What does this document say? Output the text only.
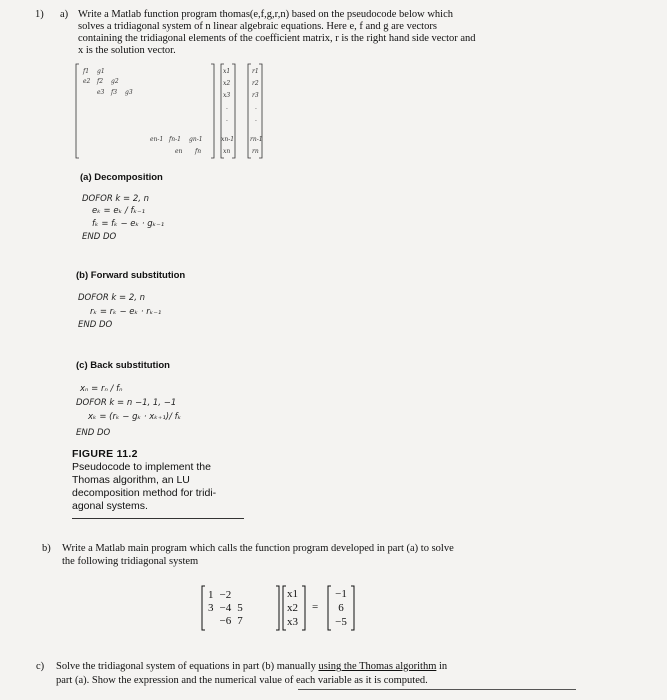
1) a) Write a Matlab function program thomas(e,f,g,r,n) based on the pseudocode below which
solves a tridiagonal system of n linear algebraic equations. Here e, f and g are vectors
containing the tridiagonal elements of the coefficient matrix, r is the right hand side vector and
x is the solution vector.
f1 g1
e2 f2 g2
e3 f3 g3
en-1 fn-1 gn-1
en fn
x1
x2
x3
.
.
xn-1
xn
r1
r2
r3
.
.
rn-1
rn
(a) Decomposition
DOFOR k = 2, n
eₖ = eₖ / fₖ₋₁
fₖ = fₖ − eₖ · gₖ₋₁
END DO
(b) Forward substitution
DOFOR k = 2, n
rₖ = rₖ − eₖ · rₖ₋₁
END DO
(c) Back substitution
xₙ = rₙ / fₙ
DOFOR k = n −1, 1, −1
xₖ = (rₖ − gₖ · xₖ₊₁)/ fₖ
END DO
FIGURE 11.2
Pseudocode to implement the
Thomas algorithm, an LU
decomposition method for tridi-
agonal systems.
b) Write a Matlab main program which calls the function program developed in part (a) to solve
the following tridiagonal system
1	−2	
3	−4	5
	−6	7
x1
x2
x3
=
−1
6
−5
c) Solve the tridiagonal system of equations in part (b) manually using the Thomas algorithm in
part (a). Show the expression and the numerical value of each variable as it is computed.
